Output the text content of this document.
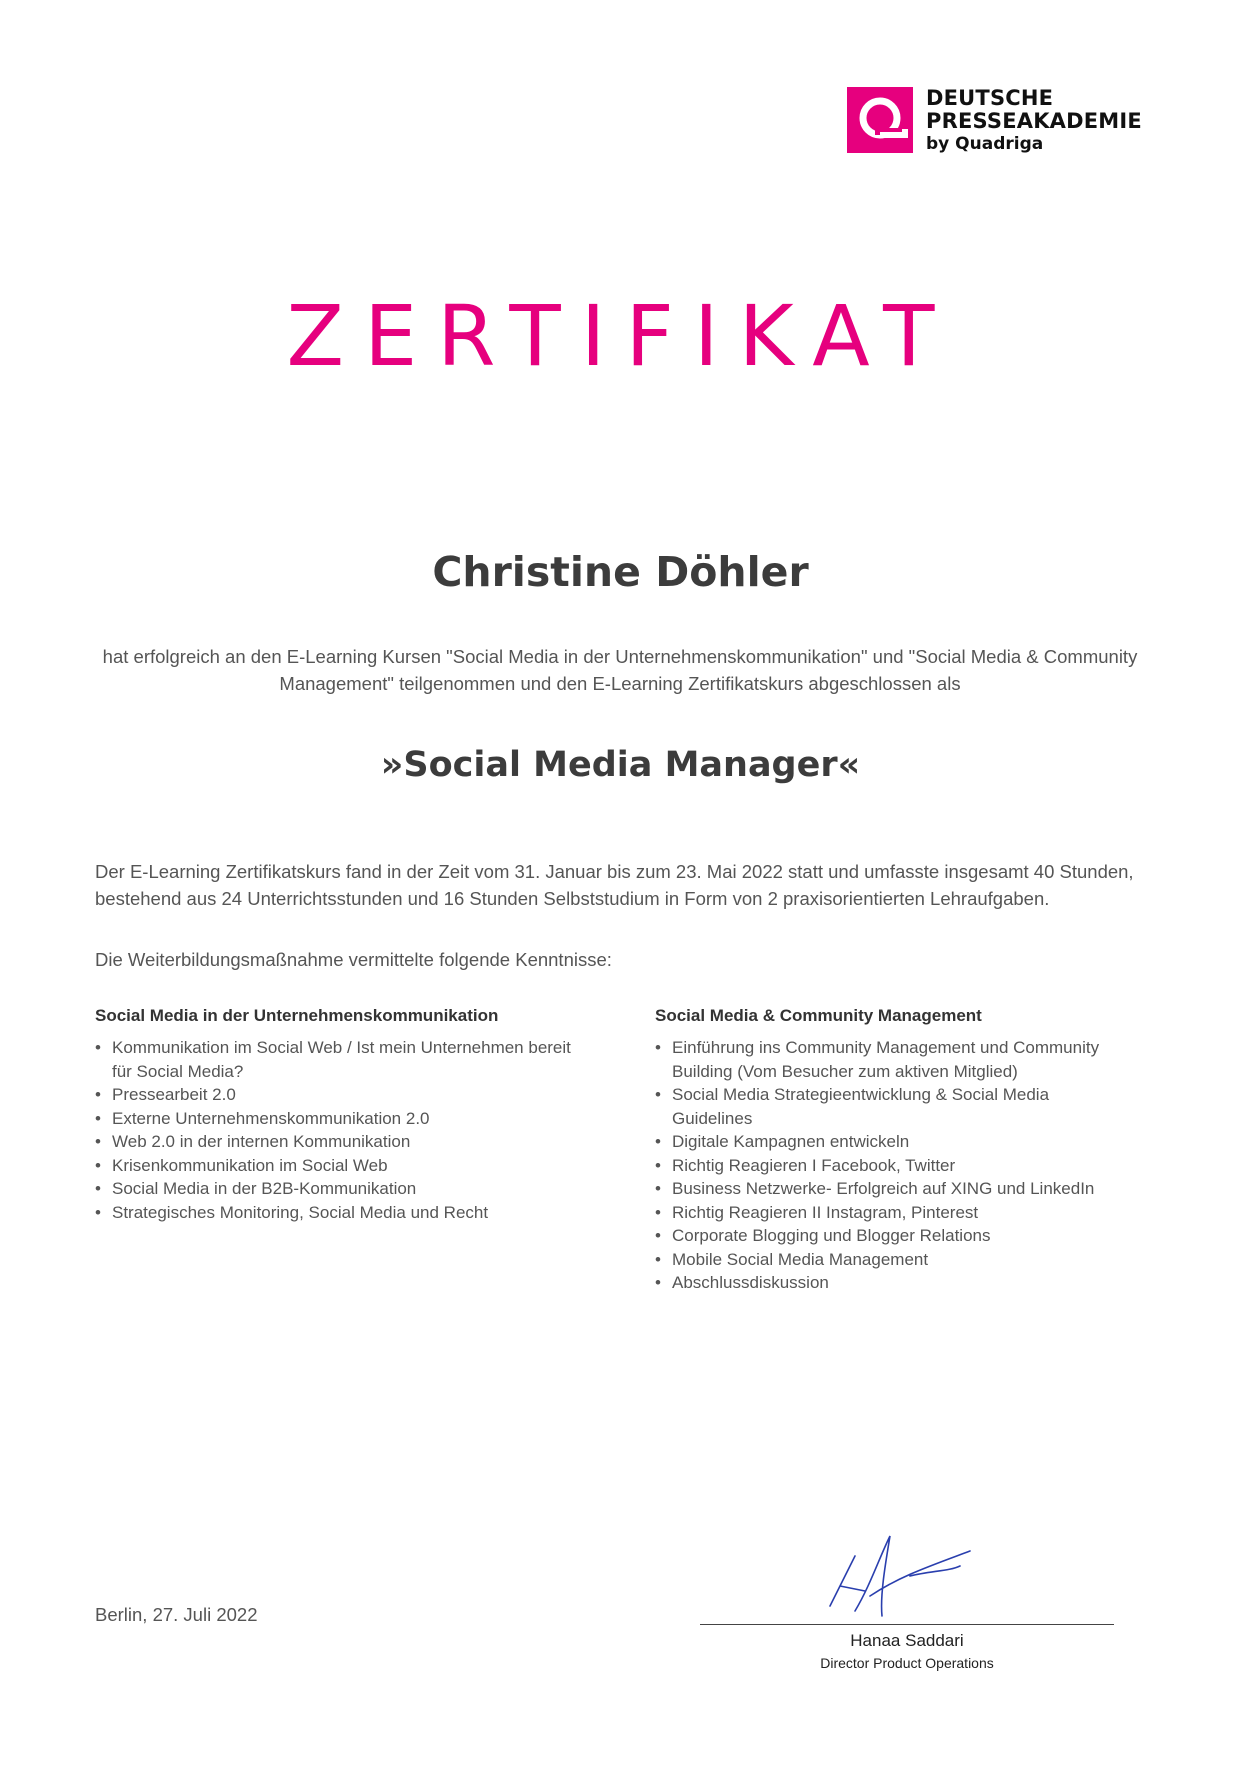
DEUTSCHE
PRESSEAKADEMIE
by Quadriga
ZERTIFIKAT
Christine Döhler
hat erfolgreich an den E-Learning Kursen "Social Media in der Unternehmenskommunikation" und "Social Media & Community Management" teilgenommen und den E-Learning Zertifikatskurs abgeschlossen als
»Social Media Manager«
Der E-Learning Zertifikatskurs fand in der Zeit vom 31. Januar bis zum 23. Mai 2022 statt und umfasste insgesamt 40 Stunden, bestehend aus 24 Unterrichtsstunden und 16 Stunden Selbststudium in Form von 2 praxisorientierten Lehraufgaben.
Die Weiterbildungsmaßnahme vermittelte folgende Kenntnisse:
Social Media in der Unternehmenskommunikation
• Kommunikation im Social Web / Ist mein Unternehmen bereit für Social Media?
• Pressearbeit 2.0
• Externe Unternehmenskommunikation 2.0
• Web 2.0 in der internen Kommunikation
• Krisenkommunikation im Social Web
• Social Media in der B2B-Kommunikation
• Strategisches Monitoring, Social Media und Recht
Social Media & Community Management
• Einführung ins Community Management und Community Building (Vom Besucher zum aktiven Mitglied)
• Social Media Strategieentwicklung & Social Media Guidelines
• Digitale Kampagnen entwickeln
• Richtig Reagieren I Facebook, Twitter
• Business Netzwerke- Erfolgreich auf XING und LinkedIn
• Richtig Reagieren II Instagram, Pinterest
• Corporate Blogging und Blogger Relations
• Mobile Social Media Management
• Abschlussdiskussion
Berlin, 27. Juli 2022
Hanaa Saddari
Director Product Operations
